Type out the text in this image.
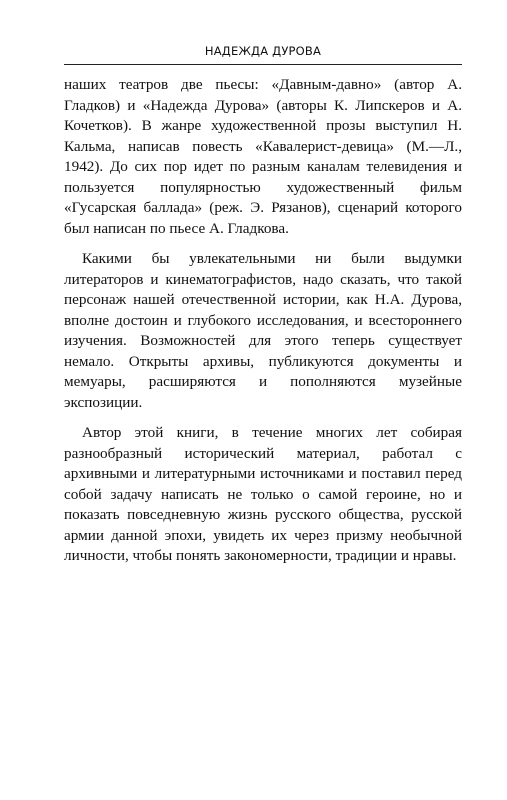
НАДЕЖДА ДУРОВА

наших театров две пьесы: «Давным-давно» (автор А. Гладков) и «Надежда Дурова» (авторы К. Липскеров и А. Кочетков). В жанре художественной прозы выступил Н. Кальма, написав повесть «Кавалерист-девица» (М.—Л., 1942). До сих пор идет по разным каналам телевидения и пользуется популярностью художественный фильм «Гусарская баллада» (реж. Э. Рязанов), сценарий которого был написан по пьесе А. Гладкова.

Какими бы увлекательными ни были выдумки литераторов и кинематографистов, надо сказать, что такой персонаж нашей отечественной истории, как Н.А. Дурова, вполне достоин и глубокого исследования, и всестороннего изучения. Возможностей для этого теперь существует немало. Открыты архивы, публикуются документы и мемуары, расширяются и пополняются музейные экспозиции.

Автор этой книги, в течение многих лет собирая разнообразный исторический материал, работал с архивными и литературными источниками и поставил перед собой задачу написать не только о самой героине, но и показать повседневную жизнь русского общества, русской армии данной эпохи, увидеть их через призму необычной личности, чтобы понять закономерности, традиции и нравы.
